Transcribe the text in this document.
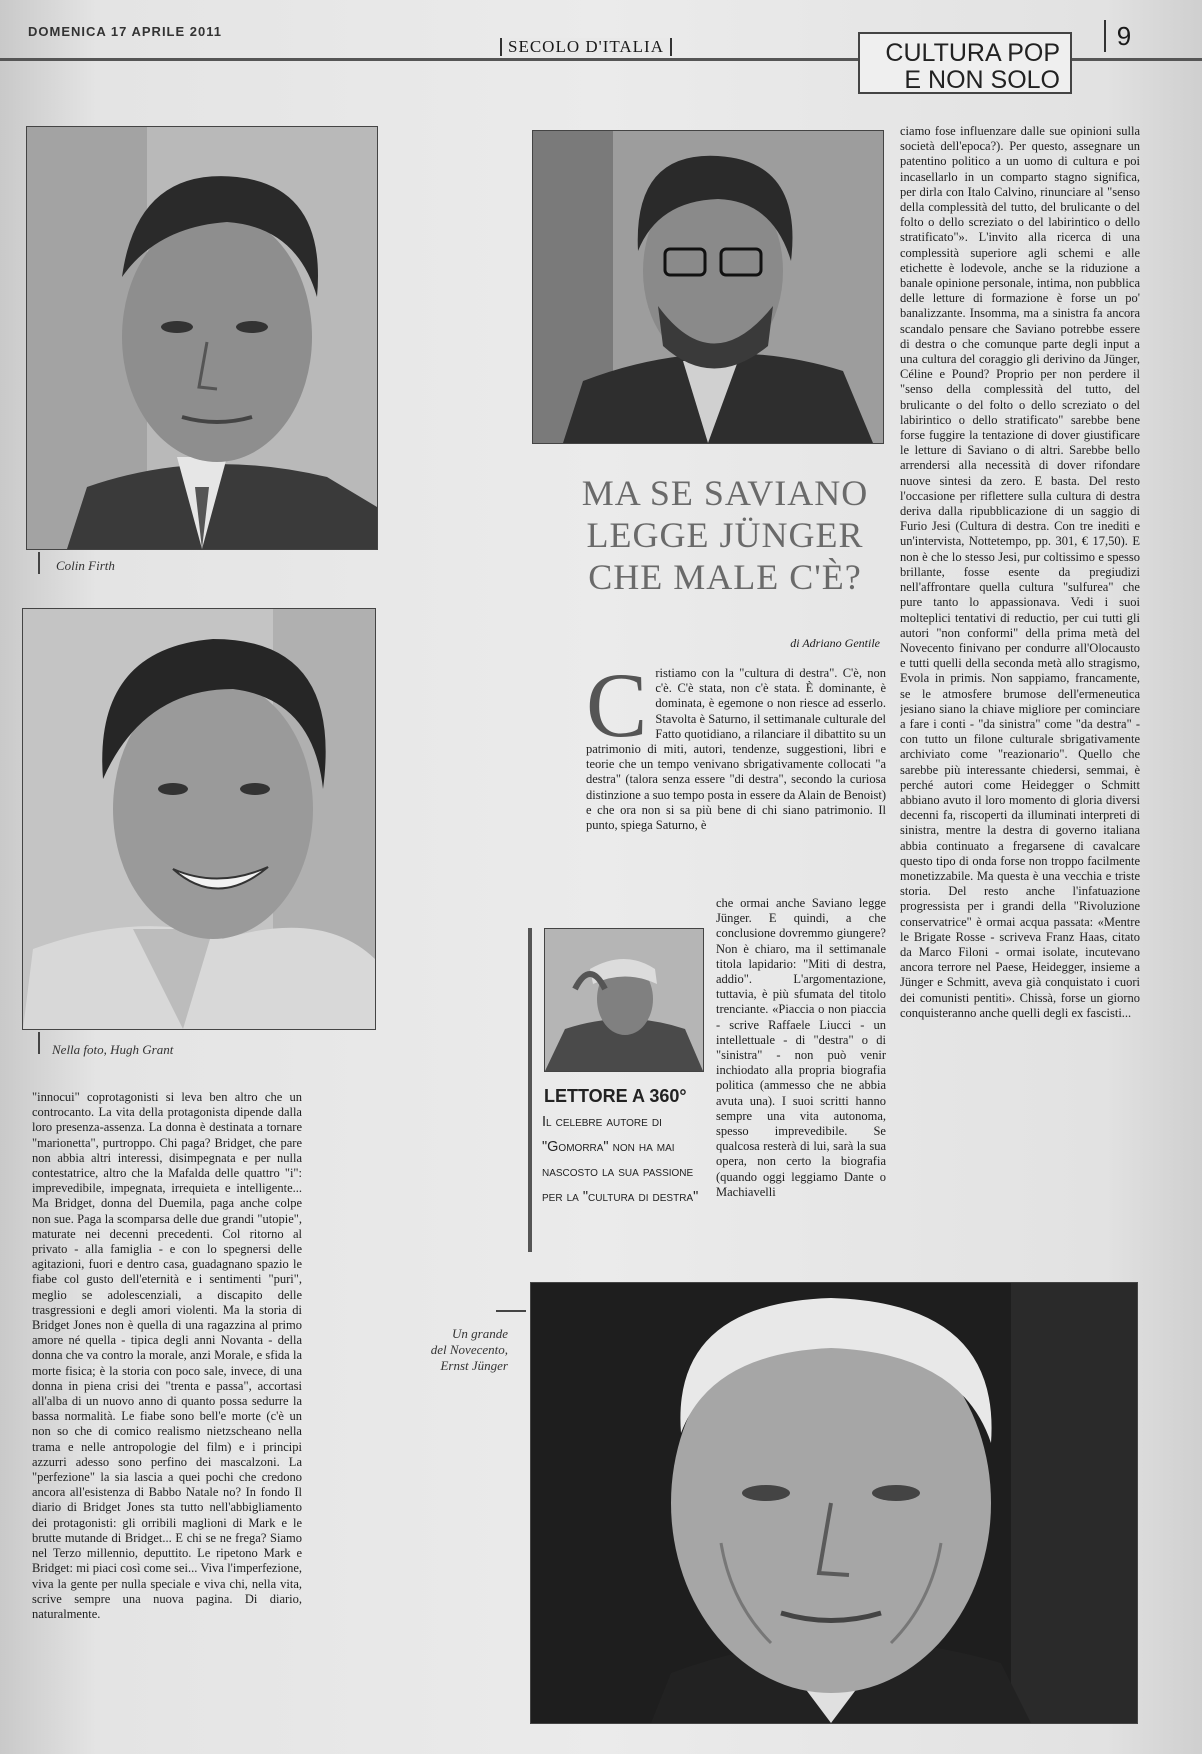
DOMENICA 17 APRILE 2011
SECOLO D'ITALIA	CULTURA POP
E NON SOLO
9
Colin Firth
Nella foto, Hugh Grant
"innocui" coprotagonisti si leva ben altro che un controcanto. La vita della protagonista dipende dalla loro presenza-assenza. La donna è destinata a tornare "marionetta", purtroppo. Chi paga? Bridget, che pare non abbia altri interessi, disimpegnata e per nulla contestatrice, altro che la Mafalda delle quattro "i": imprevedibile, impegnata, irrequieta e intelligente... Ma Bridget, donna del Duemila, paga anche colpe non sue. Paga la scomparsa delle due grandi "utopie", maturate nei decenni precedenti. Col ritorno al privato - alla famiglia - e con lo spegnersi delle agitazioni, fuori e dentro casa, guadagnano spazio le fiabe col gusto dell'eternità e i sentimenti "puri", meglio se adolescenziali, a discapito delle trasgressioni e degli amori violenti. Ma la storia di Bridget Jones non è quella di una ragazzina al primo amore né quella - tipica degli anni Novanta - della donna che va contro la morale, anzi Morale, e sfida la morte fisica; è la storia con poco sale, invece, di una donna in piena crisi dei "trenta e passa", accortasi all'alba di un nuovo anno di quanto possa sedurre la bassa normalità. Le fiabe sono bell'e morte (c'è un non so che di comico realismo nietzscheano nella trama e nelle antropologie del film) e i principi azzurri adesso sono perfino dei mascalzoni. La "perfezione" la sia lascia a quei pochi che credono ancora all'esistenza di Babbo Natale no? In fondo Il diario di Bridget Jones sta tutto nell'abbigliamento dei protagonisti: gli orribili maglioni di Mark e le brutte mutande di Bridget... E chi se ne frega? Siamo nel Terzo millennio, deputtito. Le ripetono Mark e Bridget: mi piaci così come sei... Viva l'imperfezione, viva la gente per nulla speciale e viva chi, nella vita, scrive sempre una nuova pagina. Di diario, naturalmente.
MA SE SAVIANO
LEGGE JÜNGER
CHE MALE C'È?
di Adriano Gentile
Cristiamo con la "cultura di destra". C'è, non c'è. C'è stata, non c'è stata. È dominante, è dominata, è egemone o non riesce ad esserlo. Stavolta è Saturno, il settimanale culturale del Fatto quotidiano, a rilanciare il dibattito su un patrimonio di miti, autori, tendenze, suggestioni, libri e teorie che un tempo venivano sbrigativamente collocati "a destra" (talora senza essere "di destra", secondo la curiosa distinzione a suo tempo posta in essere da Alain de Benoist) e che ora non si sa più bene di chi siano patrimonio. Il punto, spiega Saturno, è
LETTORE A 360°
Il celebre autore di "Gomorra" non ha mai nascosto la sua passione per la "cultura di destra"
che ormai anche Saviano legge Jünger. E quindi, a che conclusione dovremmo giungere? Non è chiaro, ma il settimanale titola lapidario: "Miti di destra, addio". L'argomentazione, tuttavia, è più sfumata del titolo trenciante. «Piaccia o non piaccia - scrive Raffaele Liucci - un intellettuale - di "destra" o di "sinistra" - non può venir inchiodato alla propria biografia politica (ammesso che ne abbia avuta una). I suoi scritti hanno sempre una vita autonoma, spesso imprevedibile. Se qualcosa resterà di lui, sarà la sua opera, non certo la biografia (quando oggi leggiamo Dante o Machiavelli
ciamo fose influenzare dalle sue opinioni sulla società dell'epoca?). Per questo, assegnare un patentino politico a un uomo di cultura e poi incasellarlo in un comparto stagno significa, per dirla con Italo Calvino, rinunciare al "senso della complessità del tutto, del brulicante o del folto o dello screziato o del labirintico o dello stratificato"». L'invito alla ricerca di una complessità superiore agli schemi e alle etichette è lodevole, anche se la riduzione a banale opinione personale, intima, non pubblica delle letture di formazione è forse un po' banalizzante. Insomma, ma a sinistra fa ancora scandalo pensare che Saviano potrebbe essere di destra o che comunque parte degli input a una cultura del coraggio gli derivino da Jünger, Céline e Pound? Proprio per non perdere il "senso della complessità del tutto, del brulicante o del folto o dello screziato o del labirintico o dello stratificato" sarebbe bene forse fuggire la tentazione di dover giustificare le letture di Saviano o di altri. Sarebbe bello arrendersi alla necessità di dover rifondare nuove sintesi da zero. E basta. Del resto l'occasione per riflettere sulla cultura di destra deriva dalla ripubblicazione di un saggio di Furio Jesi (Cultura di destra. Con tre inediti e un'intervista, Nottetempo, pp. 301, € 17,50). E non è che lo stesso Jesi, pur coltissimo e spesso brillante, fosse esente da pregiudizi nell'affrontare quella cultura "sulfurea" che pure tanto lo appassionava. Vedi i suoi molteplici tentativi di reductio, per cui tutti gli autori "non conformi" della prima metà del Novecento finivano per condurre all'Olocausto e tutti quelli della seconda metà allo stragismo, Evola in primis. Non sappiamo, francamente, se le atmosfere brumose dell'ermeneutica jesiano siano la chiave migliore per cominciare a fare i conti - "da sinistra" come "da destra" - con tutto un filone culturale sbrigativamente archiviato come "reazionario". Quello che sarebbe più interessante chiedersi, semmai, è perché autori come Heidegger o Schmitt abbiano avuto il loro momento di gloria diversi decenni fa, riscoperti da illuminati interpreti di sinistra, mentre la destra di governo italiana abbia continuato a fregarsene di cavalcare questo tipo di onda forse non troppo facilmente monetizzabile. Ma questa è una vecchia e triste storia. Del resto anche l'infatuazione progressista per i grandi della "Rivoluzione conservatrice" è ormai acqua passata: «Mentre le Brigate Rosse - scriveva Franz Haas, citato da Marco Filoni - ormai isolate, incutevano ancora terrore nel Paese, Heidegger, insieme a Jünger e Schmitt, aveva già conquistato i cuori dei comunisti pentiti». Chissà, forse un giorno conquisteranno anche quelli degli ex fascisti...
Un grande
del Novecento,
Ernst Jünger
